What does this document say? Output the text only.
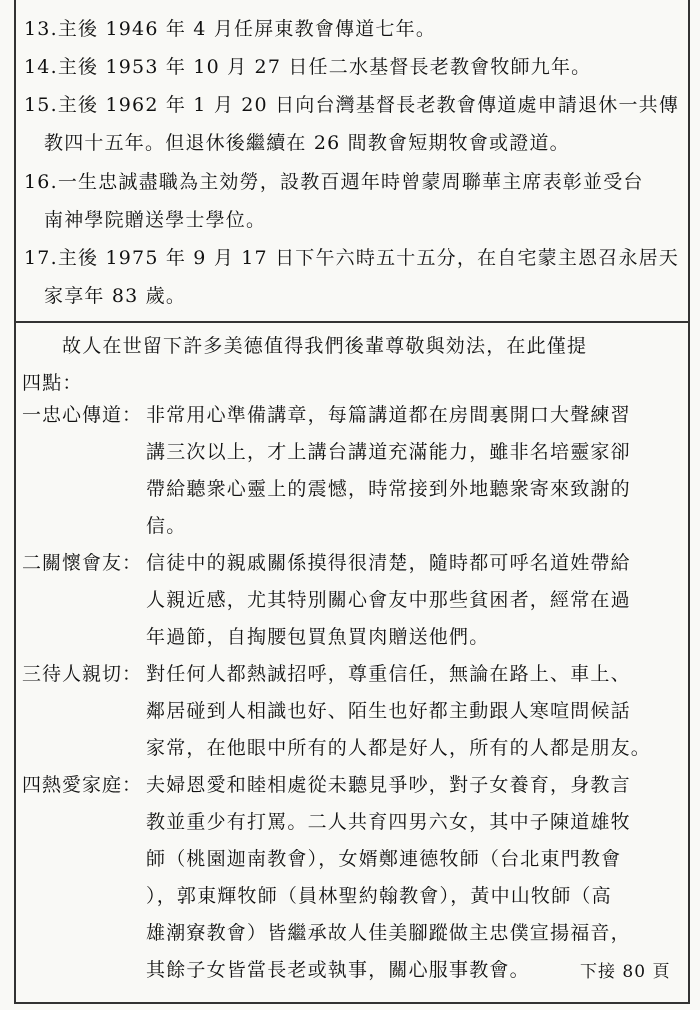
13.主後 1946 年 4 月任屏東教會傳道七年。
14.主後 1953 年 10 月 27 日任二水基督長老教會牧師九年。
15.主後 1962 年 1 月 20 日向台灣基督長老教會傳道處申請退休一共傳
教四十五年。但退休後繼續在 26 間教會短期牧會或證道。
16.一生忠誠盡職為主効勞，設教百週年時曾蒙周聯華主席表彰並受台
南神學院贈送學士學位。
17.主後 1975 年 9 月 17 日下午六時五十五分，在自宅蒙主恩召永居天
家享年 83 歲。
故人在世留下許多美德值得我們後輩尊敬與効法，在此僅提
四點：
一忠心傳道： 非常用心準備講章，每篇講道都在房間裏開口大聲練習
講三次以上，才上講台講道充滿能力，雖非名培靈家卻
帶給聽衆心靈上的震憾，時常接到外地聽衆寄來致謝的
信。
二關懷會友： 信徒中的親戚關係摸得很清楚，隨時都可呼名道姓帶給
人親近感，尤其特別關心會友中那些貧困者，經常在過
年過節，自掏腰包買魚買肉贈送他們。
三待人親切： 對任何人都熱誠招呼，尊重信任，無論在路上、車上、
鄰居碰到人相識也好、陌生也好都主動跟人寒喧問候話
家常，在他眼中所有的人都是好人，所有的人都是朋友。
四熱愛家庭： 夫婦恩愛和睦相處從未聽見爭吵，對子女養育，身教言
教並重少有打罵。二人共育四男六女，其中子陳道雄牧
師（桃園迦南教會），女婿鄭連德牧師（台北東門教會
），郭東輝牧師（員林聖約翰教會），黃中山牧師（高
雄潮寮教會）皆繼承故人佳美腳蹤做主忠僕宣揚福音，
其餘子女皆當長老或執事，關心服事教會。	下接 80 頁
